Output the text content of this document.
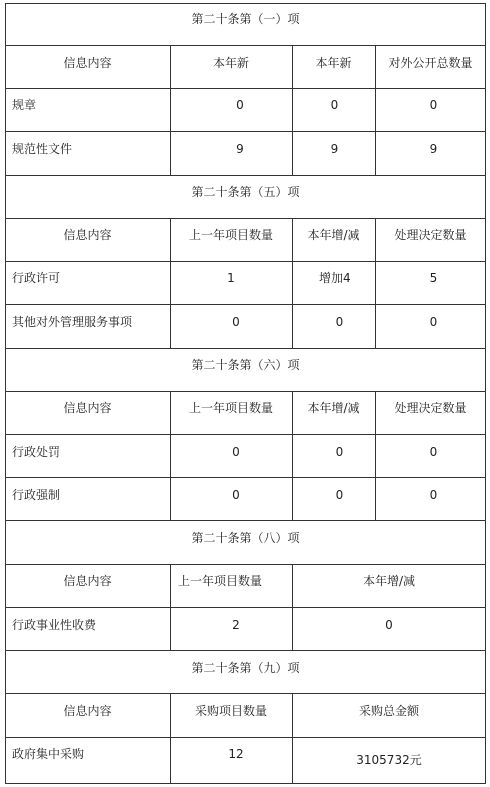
第二十条第（一）项
信息内容	本年新	本年新	对外公开总数量
规章	0	0	0
规范性文件	9	9	9
第二十条第（五）项
信息内容	上一年项目数量	本年增/减	处理决定数量
行政许可	1	增加4	5
其他对外管理服务事项	0	0	0
第二十条第（六）项
信息内容	上一年项目数量	本年增/减	处理决定数量
行政处罚	0	0	0
行政强制	0	0	0
第二十条第（八）项
信息内容	上一年项目数量	本年增/减
行政事业性收费	2	0
第二十条第（九）项
信息内容	采购项目数量	采购总金额
政府集中采购	12	3105732元
